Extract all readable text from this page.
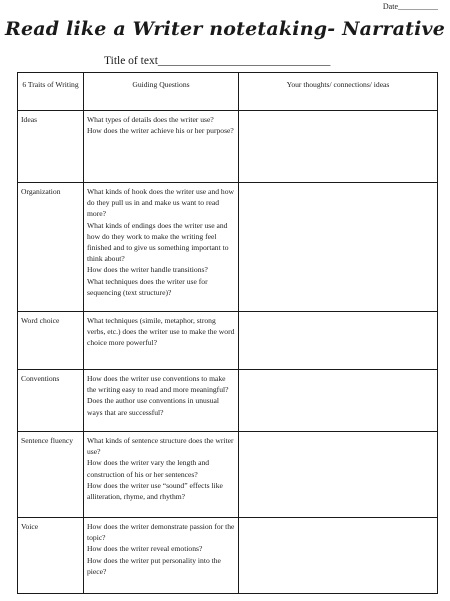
Date__________
Read like a Writer notetaking- Narrative
Title of text______________________________
6 Traits of Writing	Guiding Questions	Your thoughts/ connections/ ideas
Ideas	What types of details does the writer use?
How does the writer achieve his or her purpose?	

Organization	What kinds of hook does the writer use and how do they pull us in and make us want to read more?
What kinds of endings does the writer use and how do they work to make the writing feel finished and to give us something important to think about?
How does the writer handle transitions?
What techniques does the writer use for sequencing (text structure)?	

Word choice	What techniques (simile, metaphor, strong verbs, etc.) does the writer use to make the word choice more powerful?	

Conventions	How does the writer use conventions to make the writing easy to read and more meaningful?
Does the author use conventions in unusual ways that are successful?	

Sentence fluency	What kinds of sentence structure does the writer use?
How does the writer vary the length and construction of his or her sentences?
How does the writer use “sound” effects like alliteration, rhyme, and rhythm?	

Voice	How does the writer demonstrate passion for the topic?
How does the writer reveal emotions?
How does the writer put personality into the piece?	
